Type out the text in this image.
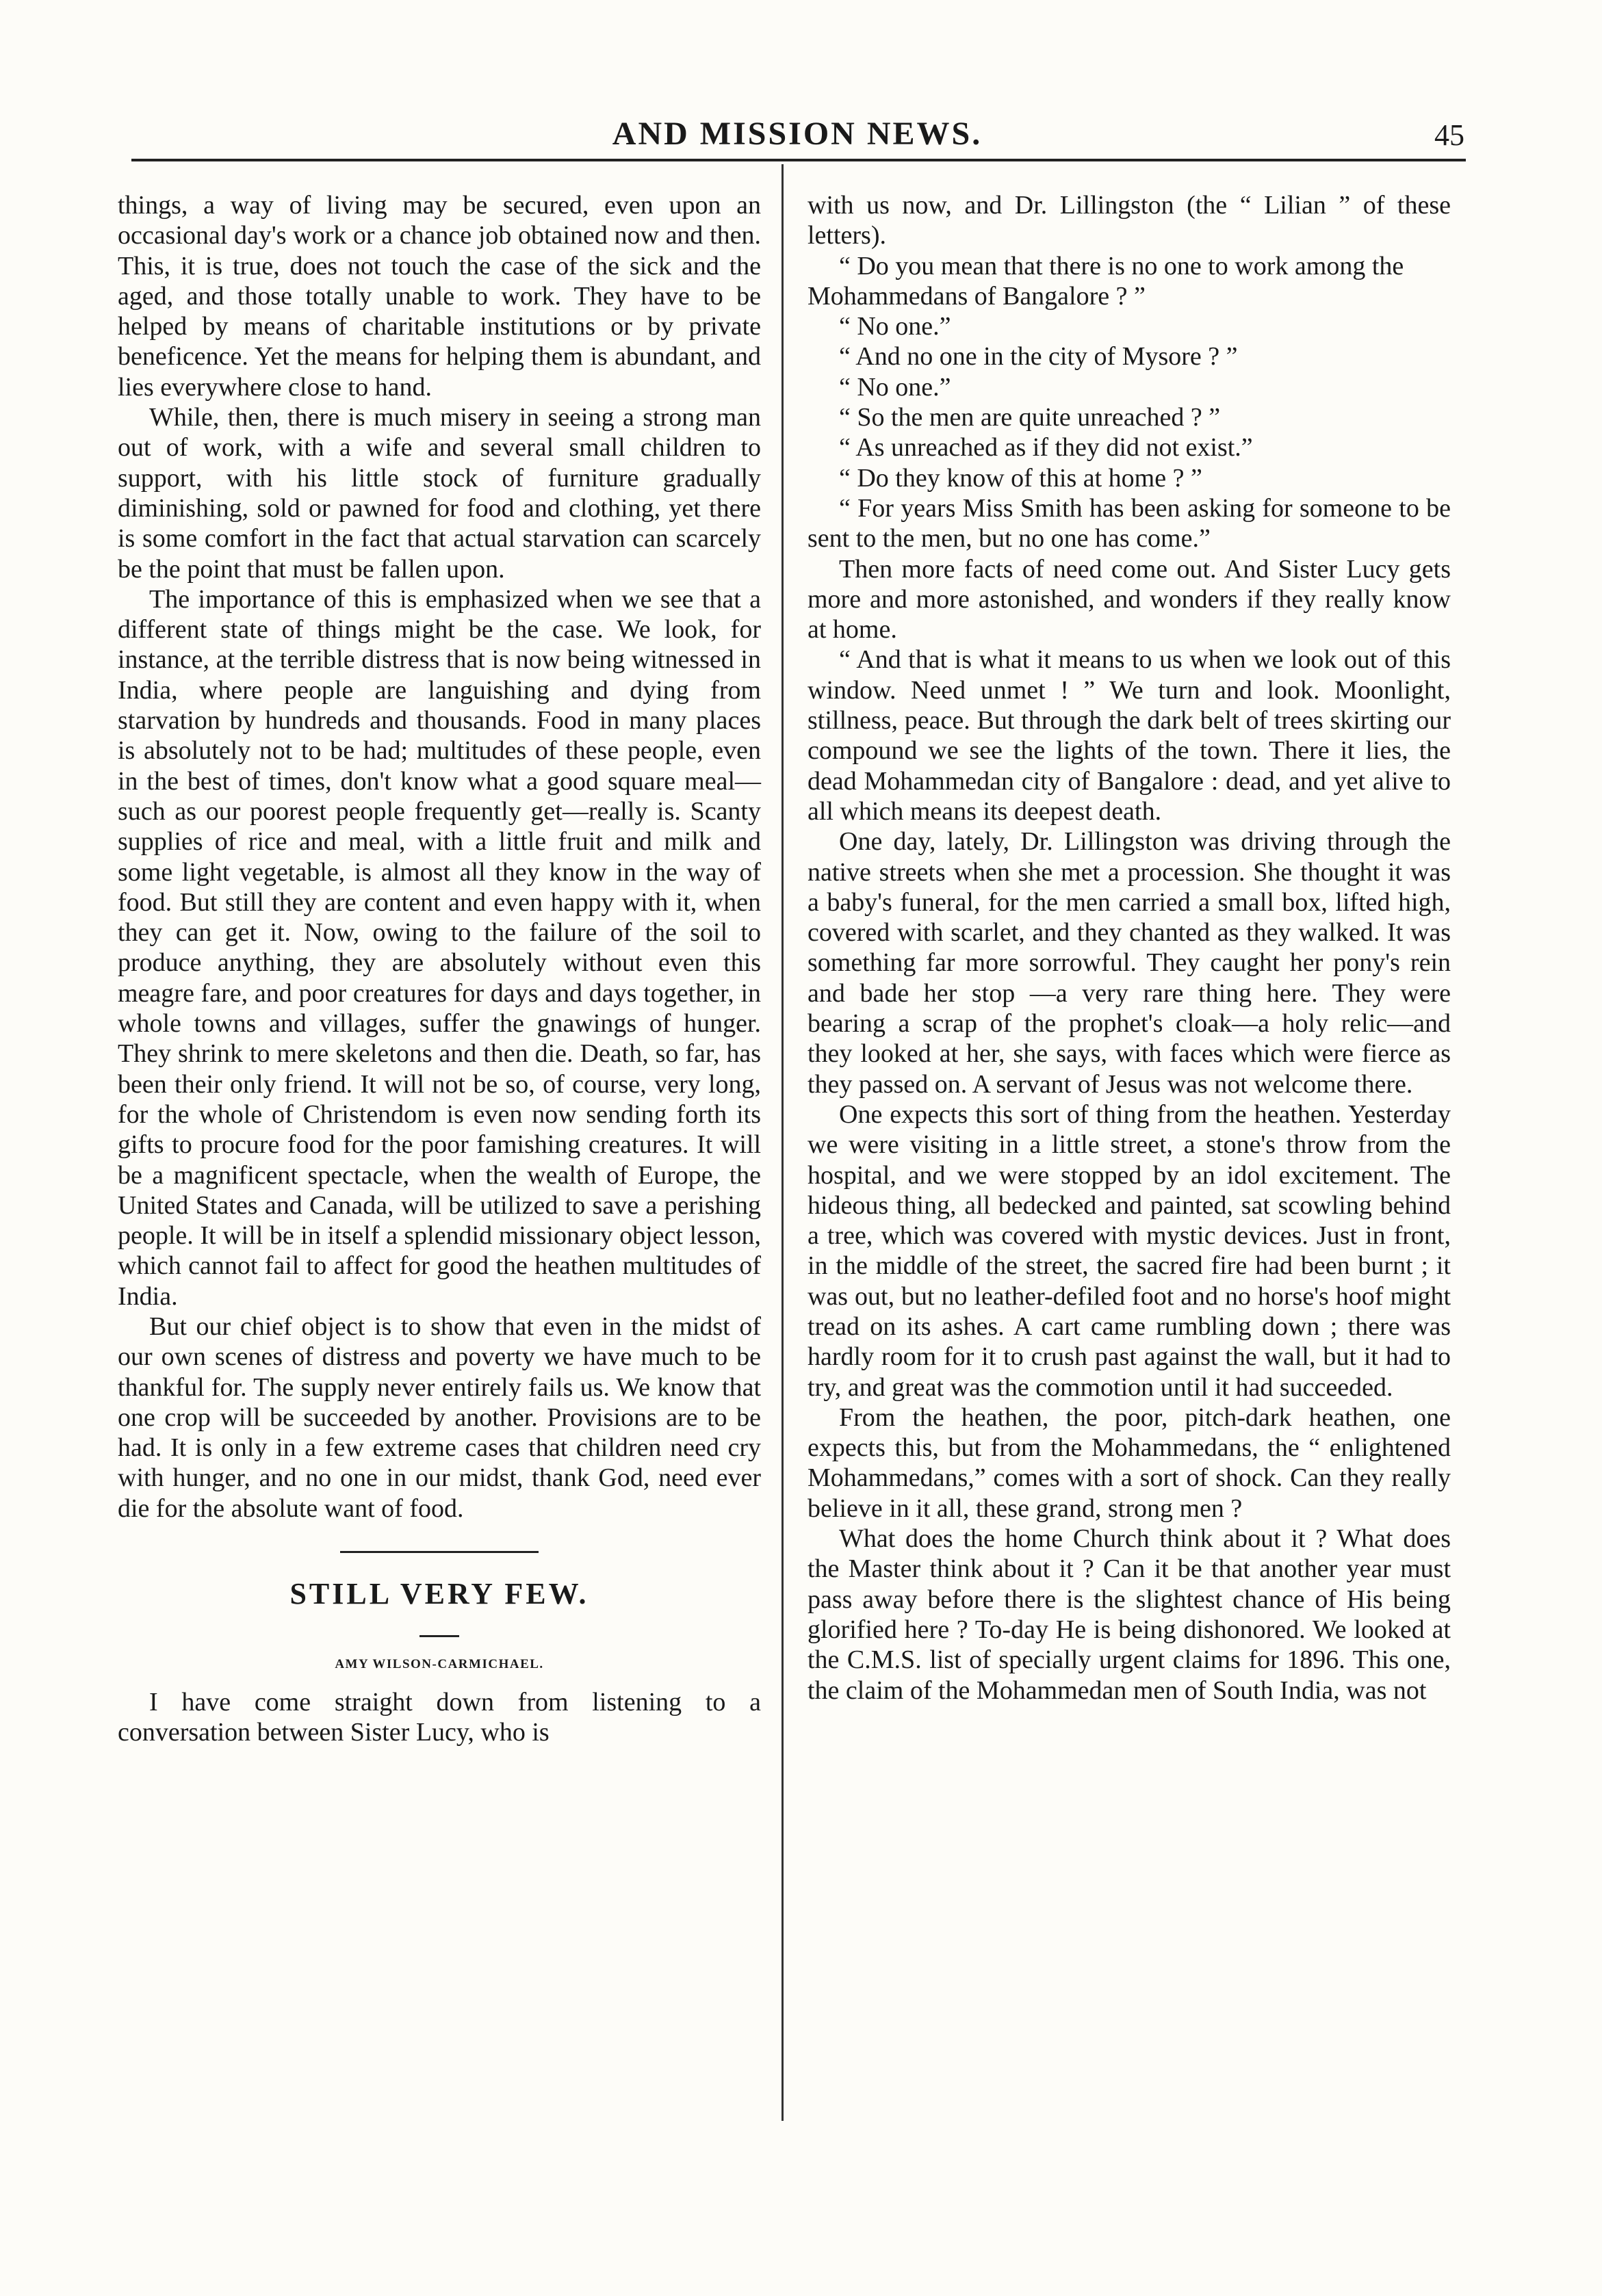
AND MISSION NEWS.	45

things, a way of living may be secured, even upon an occasional day's work or a chance job obtained now and then. This, it is true, does not touch the case of the sick and the aged, and those totally unable to work. They have to be helped by means of charitable institutions or by private beneficence. Yet the means for helping them is abundant, and lies everywhere close to hand.

While, then, there is much misery in seeing a strong man out of work, with a wife and several small children to support, with his little stock of furniture gradually diminishing, sold or pawned for food and clothing, yet there is some comfort in the fact that actual starvation can scarcely be the point that must be fallen upon.

The importance of this is emphasized when we see that a different state of things might be the case. We look, for instance, at the terrible distress that is now being witnessed in India, where people are languishing and dying from starvation by hundreds and thousands. Food in many places is absolutely not to be had; multitudes of these people, even in the best of times, don't know what a good square meal—such as our poorest people frequently get—really is. Scanty supplies of rice and meal, with a little fruit and milk and some light vegetable, is almost all they know in the way of food. But still they are content and even happy with it, when they can get it. Now, owing to the failure of the soil to produce anything, they are absolutely without even this meagre fare, and poor creatures for days and days together, in whole towns and villages, suffer the gnawings of hunger. They shrink to mere skeletons and then die. Death, so far, has been their only friend. It will not be so, of course, very long, for the whole of Christendom is even now sending forth its gifts to procure food for the poor famishing creatures. It will be a magnificent spectacle, when the wealth of Europe, the United States and Canada, will be utilized to save a perishing people. It will be in itself a splendid missionary object lesson, which cannot fail to affect for good the heathen multitudes of India.

But our chief object is to show that even in the midst of our own scenes of distress and poverty we have much to be thankful for. The supply never entirely fails us. We know that one crop will be succeeded by another. Provisions are to be had. It is only in a few extreme cases that children need cry with hunger, and no one in our midst, thank God, need ever die for the absolute want of food.

STILL VERY FEW.
AMY WILSON-CARMICHAEL.

I have come straight down from listening to a conversation between Sister Lucy, who is

with us now, and Dr. Lillingston (the “ Lilian ” of these letters).

“ Do you mean that there is no one to work among the Mohammedans of Bangalore ? ”

“ No one.”

“ And no one in the city of Mysore ? ”

“ No one.”

“ So the men are quite unreached ? ”

“ As unreached as if they did not exist.”

“ Do they know of this at home ? ”

“ For years Miss Smith has been asking for someone to be sent to the men, but no one has come.”

Then more facts of need come out. And Sister Lucy gets more and more astonished, and wonders if they really know at home.

“ And that is what it means to us when we look out of this window. Need unmet ! ” We turn and look. Moonlight, stillness, peace. But through the dark belt of trees skirting our compound we see the lights of the town. There it lies, the dead Mohammedan city of Bangalore : dead, and yet alive to all which means its deepest death.

One day, lately, Dr. Lillingston was driving through the native streets when she met a procession. She thought it was a baby's funeral, for the men carried a small box, lifted high, covered with scarlet, and they chanted as they walked. It was something far more sorrowful. They caught her pony's rein and bade her stop —a very rare thing here. They were bearing a scrap of the prophet's cloak—a holy relic—and they looked at her, she says, with faces which were fierce as they passed on. A servant of Jesus was not welcome there.

One expects this sort of thing from the heathen. Yesterday we were visiting in a little street, a stone's throw from the hospital, and we were stopped by an idol excitement. The hideous thing, all bedecked and painted, sat scowling behind a tree, which was covered with mystic devices. Just in front, in the middle of the street, the sacred fire had been burnt ; it was out, but no leather-defiled foot and no horse's hoof might tread on its ashes. A cart came rumbling down ; there was hardly room for it to crush past against the wall, but it had to try, and great was the commotion until it had succeeded.

From the heathen, the poor, pitch-dark heathen, one expects this, but from the Mohammedans, the “ enlightened Mohammedans,” comes with a sort of shock. Can they really believe in it all, these grand, strong men ?

What does the home Church think about it ? What does the Master think about it ? Can it be that another year must pass away before there is the slightest chance of His being glorified here ? To-day He is being dishonored. We looked at the C.M.S. list of specially urgent claims for 1896. This one, the claim of the Mohammedan men of South India, was not
